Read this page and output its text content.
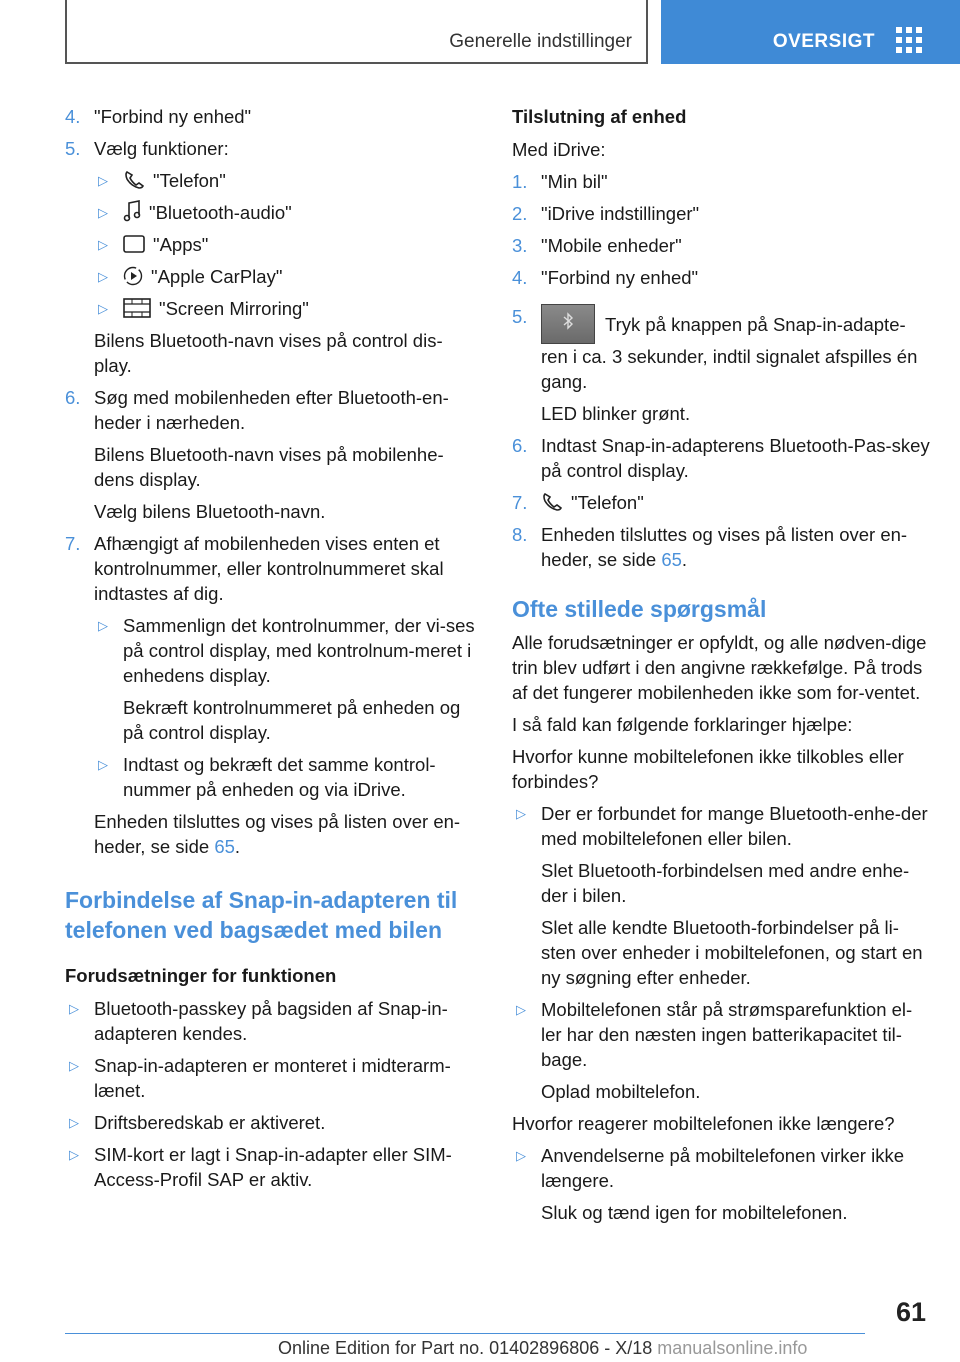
Generelle indstillinger	OVERSIGT
4. "Forbind ny enhed"
5. Vælg funktioner:
▷ "Telefon"
▷ "Bluetooth-audio"
▷ "Apps"
▷ "Apple CarPlay"
▷	"Screen Mirroring"
Bilens Bluetooth-navn vises på control dis-play.
6. Søg med mobilenheden efter Bluetooth-en-heder i nærheden.
Bilens Bluetooth-navn vises på mobilenhe-dens display.
Vælg bilens Bluetooth-navn.
7. Afhængigt af mobilenheden vises enten et kontrolnummer, eller kontrolnummeret skal indtastes af dig.
▷ Sammenlign det kontrolnummer, der vi-ses på control display, med kontrolnum-meret i enhedens display.
Bekræft kontrolnummeret på enheden og på control display.
▷ Indtast og bekræft det samme kontrol-nummer på enheden og via iDrive.
Enheden tilsluttes og vises på listen over en-heder, se side 65.
Forbindelse af Snap-in-adapteren til telefonen ved bagsædet med bilen
Forudsætninger for funktionen
▷ Bluetooth-passkey på bagsiden af Snap-in-adapteren kendes.
▷ Snap-in-adapteren er monteret i midterarm-lænet.
▷ Driftsberedskab er aktiveret.
▷ SIM-kort er lagt i Snap-in-adapter eller SIM-Access-Profil SAP er aktiv.
Tilslutning af enhed
Med iDrive:
1. "Min bil"
2. "iDrive indstillinger"
3. "Mobile enheder"
4. "Forbind ny enhed"
5.	Tryk på knappen på Snap-in-adapte-ren i ca. 3 sekunder, indtil signalet afspilles én gang.
LED blinker grønt.
6. Indtast Snap-in-adapterens Bluetooth-Pas-skey på control display.
7. "Telefon"
8. Enheden tilsluttes og vises på listen over en-heder, se side 65.
Ofte stillede spørgsmål
Alle forudsætninger er opfyldt, og alle nødven-dige trin blev udført i den angivne rækkefølge. På trods af det fungerer mobilenheden ikke som for-ventet.
I så fald kan følgende forklaringer hjælpe:
Hvorfor kunne mobiltelefonen ikke tilkobles eller forbindes?
▷ Der er forbundet for mange Bluetooth-enhe-der med mobiltelefonen eller bilen.
Slet Bluetooth-forbindelsen med andre enhe-der i bilen.
Slet alle kendte Bluetooth-forbindelser på li-sten over enheder i mobiltelefonen, og start en ny søgning efter enheder.
▷ Mobiltelefonen står på strømsparefunktion el-ler har den næsten ingen batterikapacitet til-bage.
Oplad mobiltelefon.
Hvorfor reagerer mobiltelefonen ikke længere?
▷ Anvendelserne på mobiltelefonen virker ikke længere.
Sluk og tænd igen for mobiltelefonen.
61
Online Edition for Part no. 01402896806 - X/18 manualsonline.info
